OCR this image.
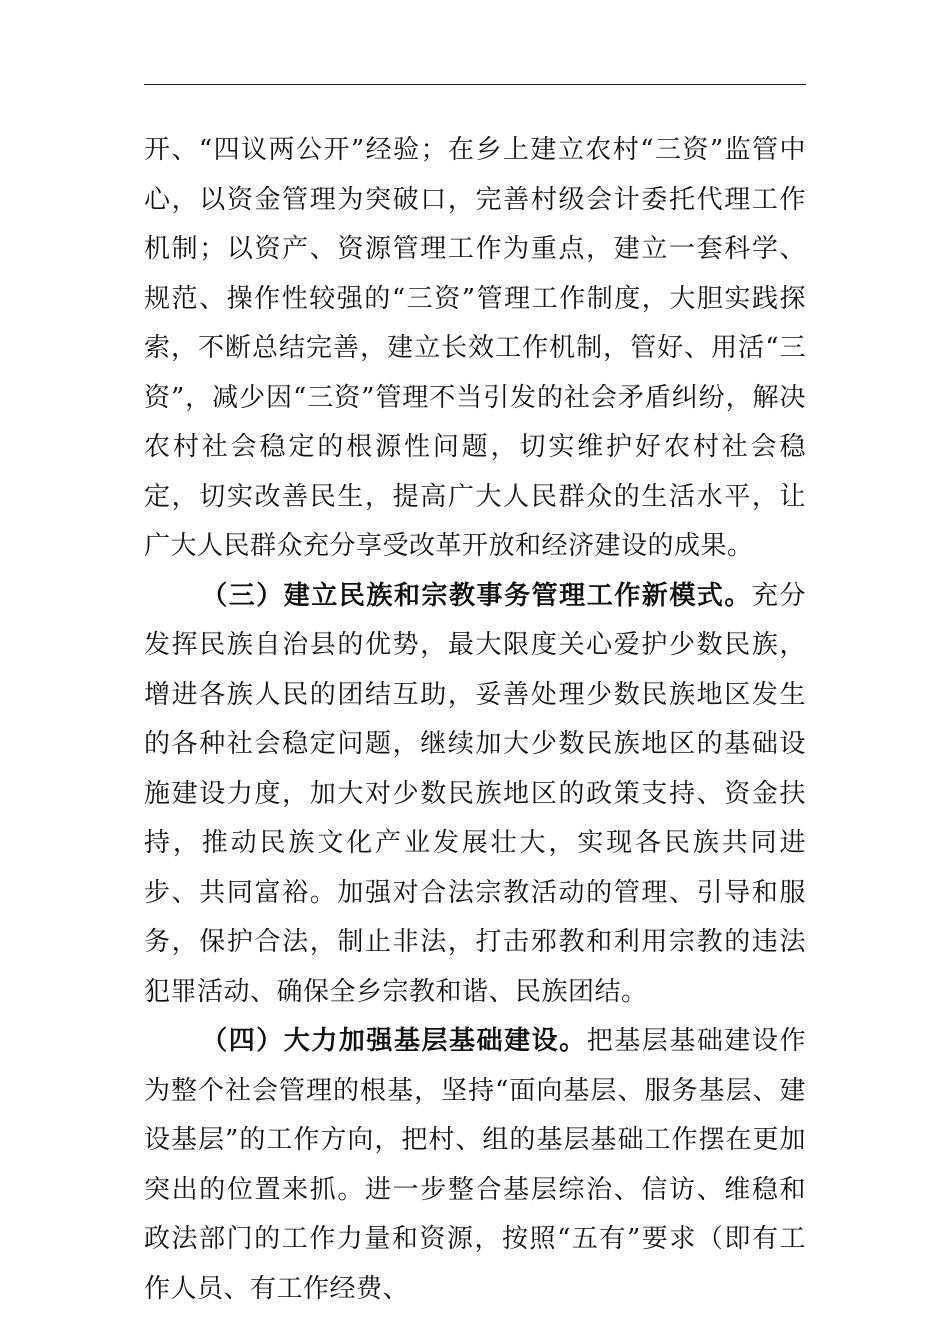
开、“四议两公开”经验；在乡上建立农村“三资”监管中心，以资金管理为突破口，完善村级会计委托代理工作机制；以资产、资源管理工作为重点，建立一套科学、规范、操作性较强的“三资”管理工作制度，大胆实践探索，不断总结完善，建立长效工作机制，管好、用活“三资”，减少因“三资”管理不当引发的社会矛盾纠纷，解决农村社会稳定的根源性问题，切实维护好农村社会稳定，切实改善民生，提高广大人民群众的生活水平，让广大人民群众充分享受改革开放和经济建设的成果。

（三）建立民族和宗教事务管理工作新模式。充分发挥民族自治县的优势，最大限度关心爱护少数民族，增进各族人民的团结互助，妥善处理少数民族地区发生的各种社会稳定问题，继续加大少数民族地区的基础设施建设力度，加大对少数民族地区的政策支持、资金扶持，推动民族文化产业发展壮大，实现各民族共同进步、共同富裕。加强对合法宗教活动的管理、引导和服务，保护合法，制止非法，打击邪教和利用宗教的违法犯罪活动、确保全乡宗教和谐、民族团结。

（四）大力加强基层基础建设。把基层基础建设作为整个社会管理的根基，坚持“面向基层、服务基层、建设基层”的工作方向，把村、组的基层基础工作摆在更加突出的位置来抓。进一步整合基层综治、信访、维稳和政法部门的工作力量和资源，按照“五有”要求（即有工作人员、有工作经费、
